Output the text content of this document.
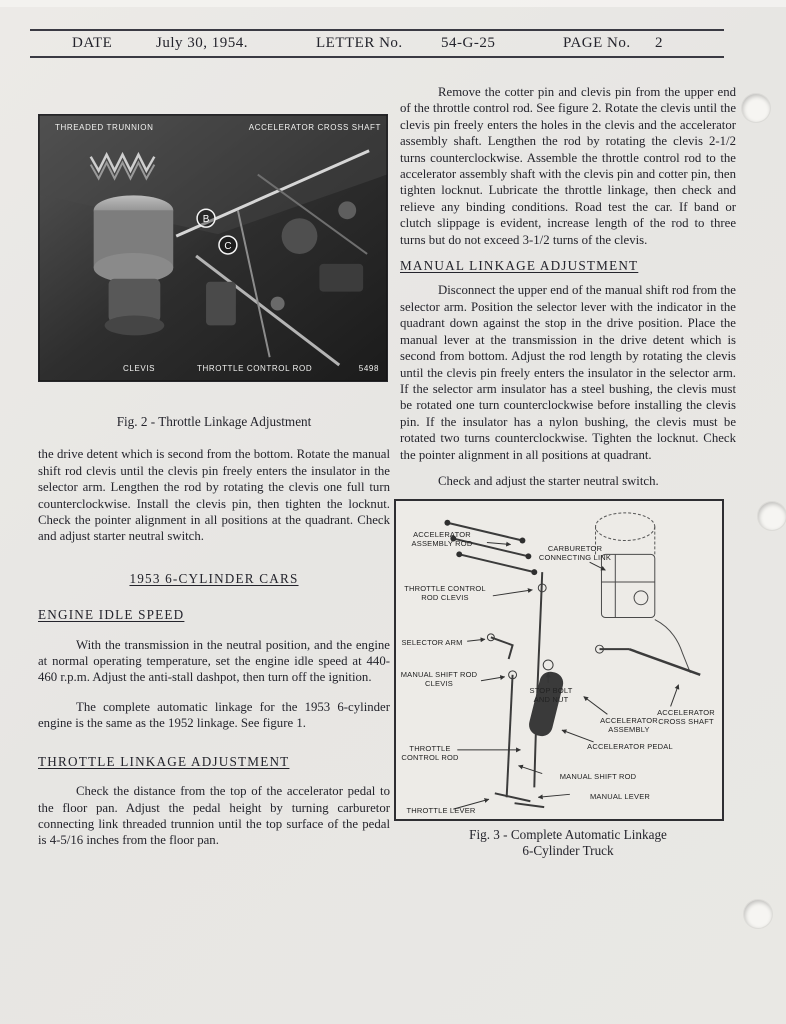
DATE	July 30, 1954.	LETTER No.	54-G-25	PAGE No. 2
B
C
THREADED TRUNNION	ACCELERATOR CROSS SHAFT
CLEVIS	THROTTLE CONTROL ROD	5498

Fig. 2 - Throttle Linkage Adjustment

the drive detent which is second from the bottom. Rotate the manual shift rod clevis until the clevis pin freely enters the insulator in the selector arm. Lengthen the rod by rotating the clevis one full turn counterclockwise. Install the clevis pin, then tighten the locknut. Check the pointer alignment in all positions at the quadrant. Check and adjust starter neutral switch.

1953 6-CYLINDER CARS
ENGINE IDLE SPEED

With the transmission in the neutral position, and the engine at normal operating temperature, set the engine idle speed at 440-460 r.p.m. Adjust the anti-stall dashpot, then turn off the ignition.

The complete automatic linkage for the 1953 6-cylinder engine is the same as the 1952 linkage. See figure 1.

THROTTLE LINKAGE ADJUSTMENT

Check the distance from the top of the accelerator pedal to the floor pan. Adjust the pedal height by turning carburetor connecting link threaded trunnion until the top surface of the pedal is 4-5/16 inches from the floor pan.

Remove the cotter pin and clevis pin from the upper end of the throttle control rod. See figure 2. Rotate the clevis until the clevis pin freely enters the holes in the clevis and the accelerator assembly shaft. Lengthen the rod by rotating the clevis 2-1/2 turns counterclockwise. Assemble the throttle control rod to the accelerator assembly shaft with the clevis pin and cotter pin, then tighten locknut. Lubricate the throttle linkage, then check and relieve any binding conditions. Road test the car. If band or clutch slippage is evident, increase length of the rod to three turns but do not exceed 3-1/2 turns of the clevis.

MANUAL LINKAGE ADJUSTMENT

Disconnect the upper end of the manual shift rod from the selector arm. Position the selector lever with the indicator in the quadrant down against the stop in the drive position. Place the manual lever at the transmission in the drive detent which is second from bottom. Adjust the rod length by rotating the clevis until the clevis pin freely enters the insulator in the selector arm. If the selector arm insulator has a steel bushing, the clevis must be rotated one turn counterclockwise before installing the clevis pin. If the insulator has a nylon bushing, the clevis must be rotated two turns counterclockwise. Tighten the locknut. Check the pointer alignment in all positions at quadrant.

Check and adjust the starter neutral switch.

ACCELERATOR ASSEMBLY ROD
CARBURETOR CONNECTING LINK
THROTTLE CONTROL ROD CLEVIS
SELECTOR ARM
MANUAL SHIFT ROD CLEVIS
STOP BOLT AND NUT
ACCELERATOR ASSEMBLY
ACCELERATOR CROSS SHAFT
ACCELERATOR PEDAL
THROTTLE CONTROL ROD
MANUAL SHIFT ROD
MANUAL LEVER
THROTTLE LEVER
Fig. 3 - Complete Automatic Linkage
6-Cylinder Truck
